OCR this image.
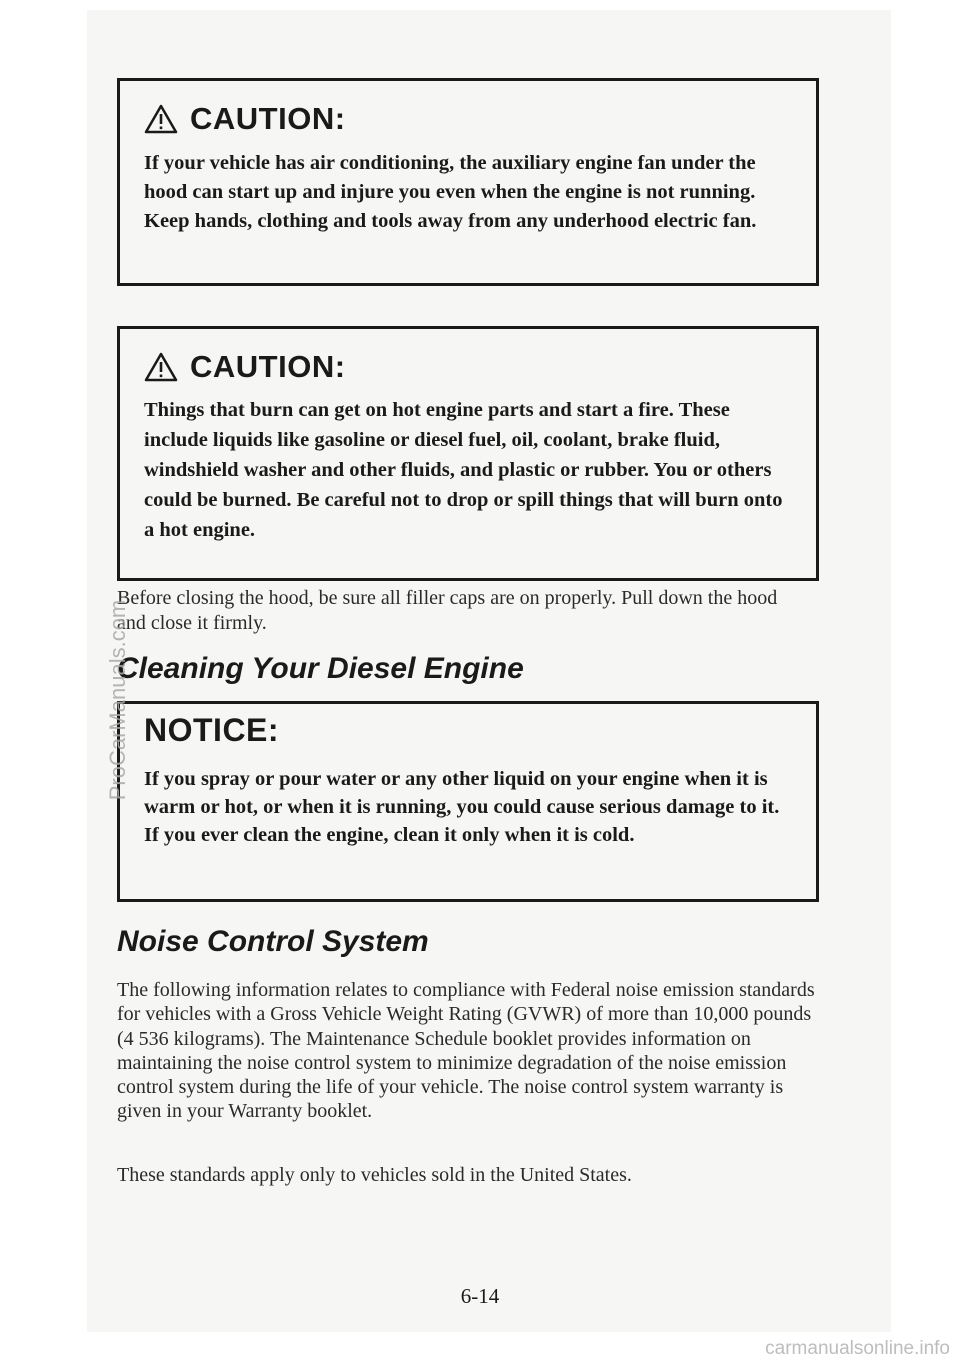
CAUTION:
If your vehicle has air conditioning, the auxiliary engine fan under the hood can start up and injure you even when the engine is not running. Keep hands, clothing and tools away from any underhood electric fan.
CAUTION:
Things that burn can get on hot engine parts and start a fire. These include liquids like gasoline or diesel fuel, oil, coolant, brake fluid, windshield washer and other fluids, and plastic or rubber. You or others could be burned. Be careful not to drop or spill things that will burn onto a hot engine.
Before closing the hood, be sure all filler caps are on properly. Pull down the hood and close it firmly.
Cleaning Your Diesel Engine
NOTICE:
If you spray or pour water or any other liquid on your engine when it is warm or hot, or when it is running, you could cause serious damage to it. If you ever clean the engine, clean it only when it is cold.
Noise Control System
The following information relates to compliance with Federal noise emission standards for vehicles with a Gross Vehicle Weight Rating (GVWR) of more than 10,000 pounds (4 536 kilograms). The Maintenance Schedule booklet provides information on maintaining the noise control system to minimize degradation of the noise emission control system during the life of your vehicle. The noise control system warranty is given in your Warranty booklet.
These standards apply only to vehicles sold in the United States.
6-14
ProCarManuals.com
carmanualsonline.info
